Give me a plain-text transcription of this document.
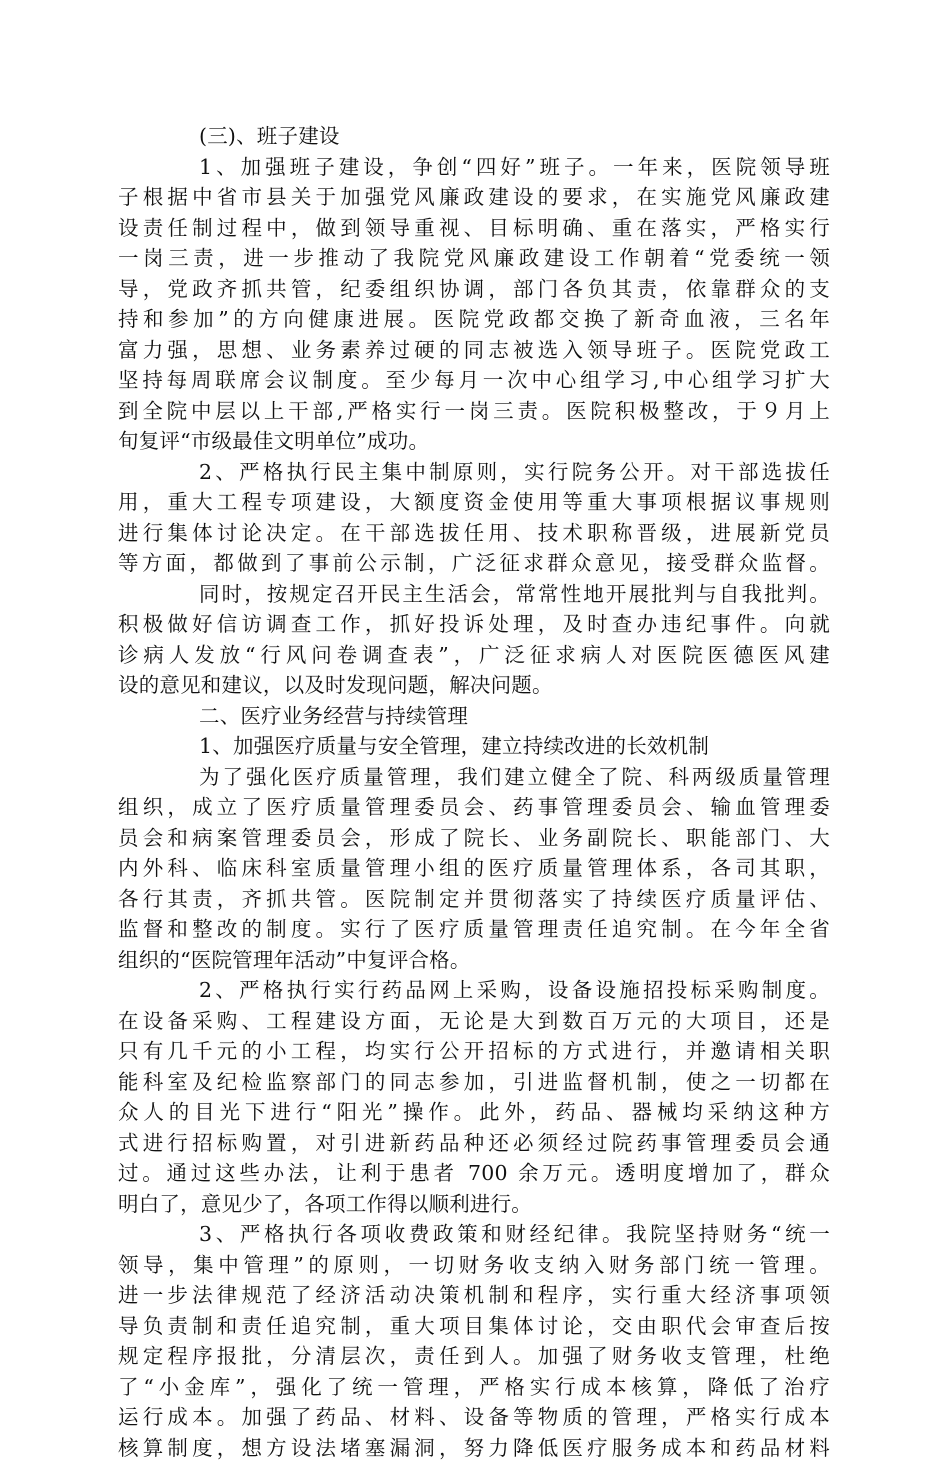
(三)、班子建设
1、加强班子建设，争创“四好”班子。一年来，医院领导班
子根据中省市县关于加强党风廉政建设的要求，在实施党风廉政建
设责任制过程中，做到领导重视、目标明确、重在落实，严格实行
一岗三责，进一步推动了我院党风廉政建设工作朝着“党委统一领
导，党政齐抓共管，纪委组织协调，部门各负其责，依靠群众的支
持和参加”的方向健康进展。医院党政都交换了新奇血液，三名年
富力强，思想、业务素养过硬的同志被选入领导班子。医院党政工
坚持每周联席会议制度。至少每月一次中心组学习,中心组学习扩大
到全院中层以上干部,严格实行一岗三责。医院积极整改，于９月上
旬复评“市级最佳文明单位”成功。
2、严格执行民主集中制原则，实行院务公开。对干部选拔任
用，重大工程专项建设，大额度资金使用等重大事项根据议事规则
进行集体讨论决定。在干部选拔任用、技术职称晋级，进展新党员
等方面，都做到了事前公示制，广泛征求群众意见，接受群众监督。
同时，按规定召开民主生活会，常常性地开展批判与自我批判。
积极做好信访调查工作，抓好投诉处理，及时查办违纪事件。向就
诊病人发放“行风问卷调查表”，广泛征求病人对医院医德医风建
设的意见和建议，以及时发现问题，解决问题。
二、医疗业务经营与持续管理
1、加强医疗质量与安全管理，建立持续改进的长效机制
为了强化医疗质量管理，我们建立健全了院、科两级质量管理
组织，成立了医疗质量管理委员会、药事管理委员会、输血管理委
员会和病案管理委员会，形成了院长、业务副院长、职能部门、大
内外科、临床科室质量管理小组的医疗质量管理体系，各司其职，
各行其责，齐抓共管。医院制定并贯彻落实了持续医疗质量评估、
监督和整改的制度。实行了医疗质量管理责任追究制。在今年全省
组织的“医院管理年活动”中复评合格。
2、严格执行实行药品网上采购，设备设施招投标采购制度。
在设备采购、工程建设方面，无论是大到数百万元的大项目，还是
只有几千元的小工程，均实行公开招标的方式进行，并邀请相关职
能科室及纪检监察部门的同志参加，引进监督机制，使之一切都在
众人的目光下进行“阳光”操作。此外，药品、器械均采纳这种方
式进行招标购置，对引进新药品种还必须经过院药事管理委员会通
过。通过这些办法，让利于患者 700 余万元。透明度增加了，群众
明白了，意见少了，各项工作得以顺利进行。
3、严格执行各项收费政策和财经纪律。我院坚持财务“统一
领导，集中管理”的原则，一切财务收支纳入财务部门统一管理。
进一步法律规范了经济活动决策机制和程序，实行重大经济事项领
导负责制和责任追究制，重大项目集体讨论，交由职代会审查后按
规定程序报批，分清层次，责任到人。加强了财务收支管理，杜绝
了“小金库”，强化了统一管理，严格实行成本核算，降低了治疗
运行成本。加强了药品、材料、设备等物质的管理，严格实行成本
核算制度，想方设法堵塞漏洞，努力降低医疗服务成本和药品材料
